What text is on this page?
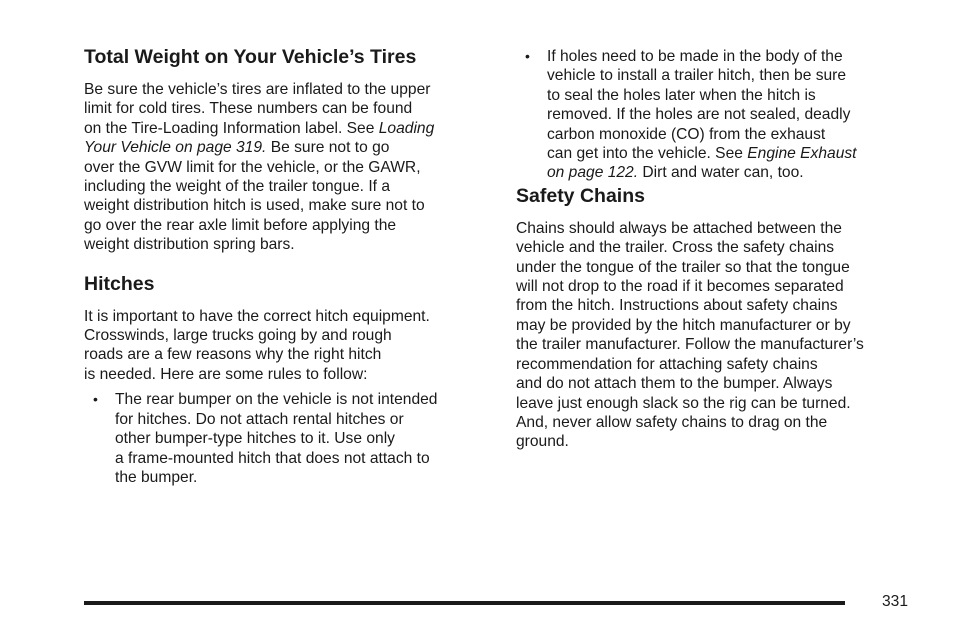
Total Weight on Your Vehicle’s Tires
Be sure the vehicle’s tires are inflated to the upper
limit for cold tires. These numbers can be found
on the Tire-Loading Information label. See Loading
Your Vehicle on page 319. Be sure not to go
over the GVW limit for the vehicle, or the GAWR,
including the weight of the trailer tongue. If a
weight distribution hitch is used, make sure not to
go over the rear axle limit before applying the
weight distribution spring bars.
Hitches
It is important to have the correct hitch equipment.
Crosswinds, large trucks going by and rough
roads are a few reasons why the right hitch
is needed. Here are some rules to follow:
• The rear bumper on the vehicle is not intended
for hitches. Do not attach rental hitches or
other bumper-type hitches to it. Use only
a frame-mounted hitch that does not attach to
the bumper.
• If holes need to be made in the body of the
vehicle to install a trailer hitch, then be sure
to seal the holes later when the hitch is
removed. If the holes are not sealed, deadly
carbon monoxide (CO) from the exhaust
can get into the vehicle. See Engine Exhaust
on page 122. Dirt and water can, too.
Safety Chains
Chains should always be attached between the
vehicle and the trailer. Cross the safety chains
under the tongue of the trailer so that the tongue
will not drop to the road if it becomes separated
from the hitch. Instructions about safety chains
may be provided by the hitch manufacturer or by
the trailer manufacturer. Follow the manufacturer’s
recommendation for attaching safety chains
and do not attach them to the bumper. Always
leave just enough slack so the rig can be turned.
And, never allow safety chains to drag on the
ground.
331
